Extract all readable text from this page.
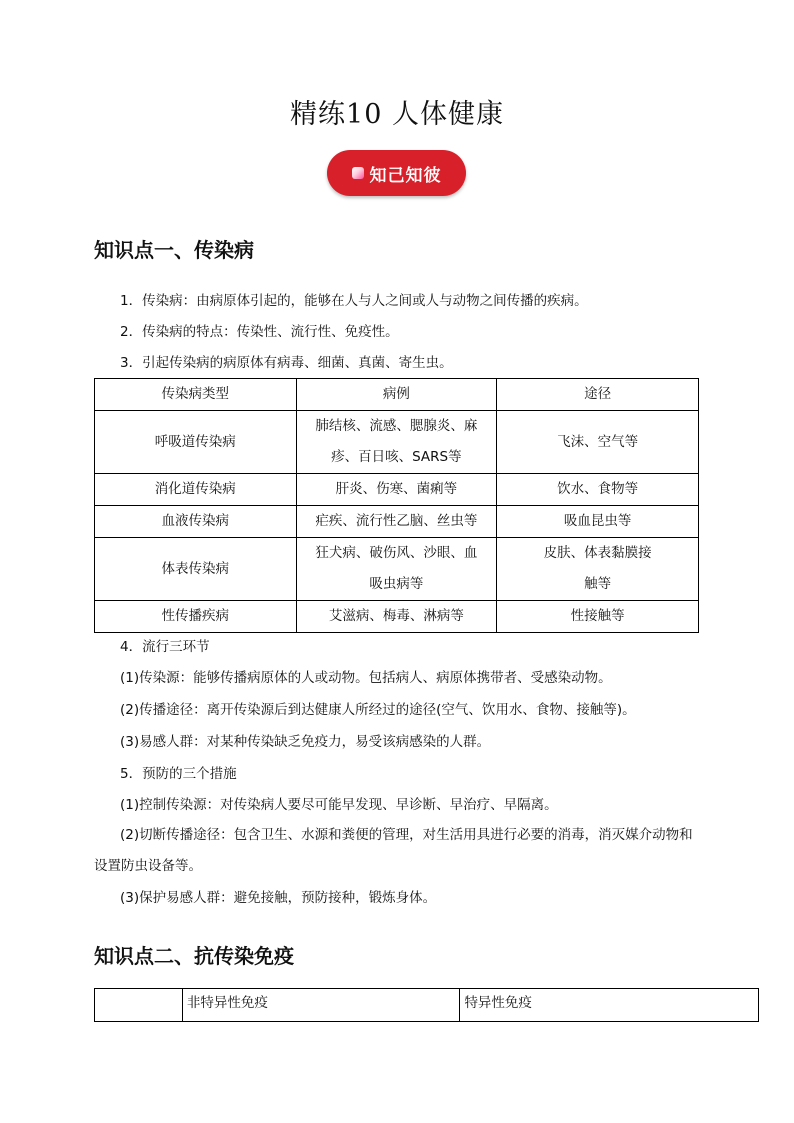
精练10 人体健康
知己知彼
知识点一、传染病
1．传染病：由病原体引起的，能够在人与人之间或人与动物之间传播的疾病。
2．传染病的特点：传染性、流行性、免疫性。
3．引起传染病的病原体有病毒、细菌、真菌、寄生虫。
传染病类型	病例	途径
呼吸道传染病	肺结核、流感、腮腺炎、麻疹、百日咳、SARS等	飞沫、空气等
消化道传染病	肝炎、伤寒、菌痢等	饮水、食物等
血液传染病	疟疾、流行性乙脑、丝虫等	吸血昆虫等
体表传染病	狂犬病、破伤风、沙眼、血吸虫病等	皮肤、体表黏膜接触等
性传播疾病	艾滋病、梅毒、淋病等	性接触等
4．流行三环节
(1)传染源：能够传播病原体的人或动物。包括病人、病原体携带者、受感染动物。
(2)传播途径：离开传染源后到达健康人所经过的途径(空气、饮用水、食物、接触等)。
(3)易感人群：对某种传染缺乏免疫力，易受该病感染的人群。
5．预防的三个措施
(1)控制传染源：对传染病人要尽可能早发现、早诊断、早治疗、早隔离。
(2)切断传播途径：包含卫生、水源和粪便的管理，对生活用具进行必要的消毒，消灭媒介动物和设置防虫设备等。
(3)保护易感人群：避免接触，预防接种，锻炼身体。
知识点二、抗传染免疫
	非特异性免疫	特异性免疫
